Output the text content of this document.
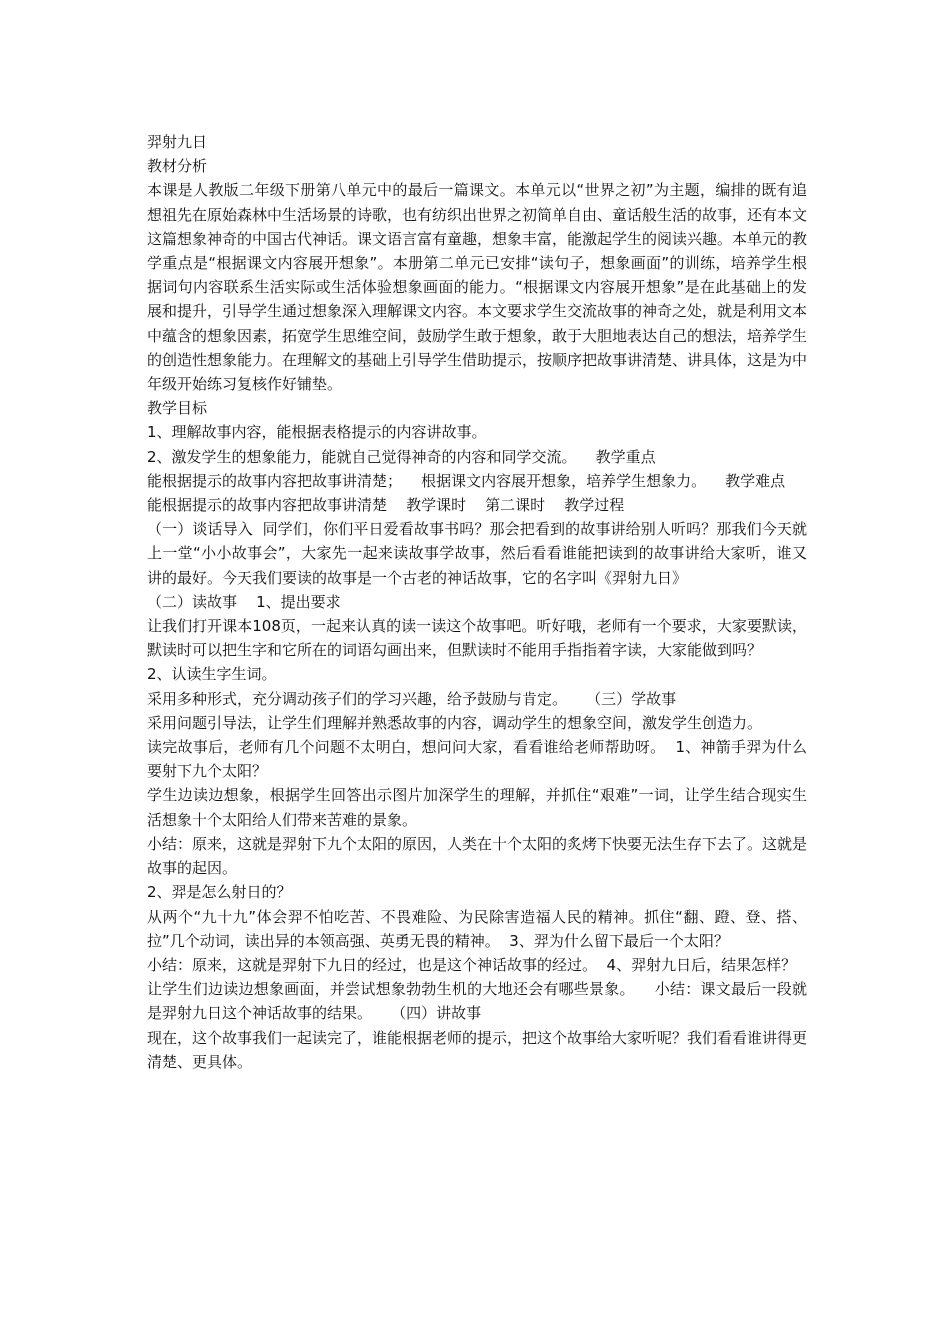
羿射九日

教材分析

本课是人教版二年级下册第八单元中的最后一篇课文。本单元以“世界之初”为主题，编排的既有追想祖先在原始森林中生活场景的诗歌，也有纺织出世界之初简单自由、童话般生活的故事，还有本文这篇想象神奇的中国古代神话。课文语言富有童趣，想象丰富，能激起学生的阅读兴趣。本单元的教学重点是“根据课文内容展开想象”。本册第二单元已安排“读句子，想象画面”的训练，培养学生根据词句内容联系生活实际或生活体验想象画面的能力。“根据课文内容展开想象”是在此基础上的发展和提升，引导学生通过想象深入理解课文内容。本文要求学生交流故事的神奇之处，就是利用文本中蕴含的想象因素，拓宽学生思维空间，鼓励学生敢于想象，敢于大胆地表达自己的想法，培养学生的创造性想象能力。在理解文的基础上引导学生借助提示，按顺序把故事讲清楚、讲具体，这是为中年级开始练习复核作好铺垫。

教学目标

1、理解故事内容，能根据表格提示的内容讲故事。

2、激发学生的想象能力，能就自己觉得神奇的内容和同学交流。    教学重点

能根据提示的故事内容把故事讲清楚；    根据课文内容展开想象，培养学生想象力。    教学难点

能根据提示的故事内容把故事讲清楚    教学课时    第二课时    教学过程

（一）谈话导入  同学们，你们平日爱看故事书吗？那会把看到的故事讲给别人听吗？那我们今天就上一堂“小小故事会”，大家先一起来读故事学故事，然后看看谁能把读到的故事讲给大家听，谁又讲的最好。今天我们要读的故事是一个古老的神话故事，它的名字叫《羿射九日》

（二）读故事    1、提出要求

让我们打开课本108页，一起来认真的读一读这个故事吧。听好哦，老师有一个要求，大家要默读，默读时可以把生字和它所在的词语勾画出来，但默读时不能用手指指着字读，大家能做到吗？

2、认读生字生词。

采用多种形式，充分调动孩子们的学习兴趣，给予鼓励与肯定。    （三）学故事

采用问题引导法，让学生们理解并熟悉故事的内容，调动学生的想象空间，激发学生创造力。

读完故事后，老师有几个问题不太明白，想问问大家，看看谁给老师帮助呀。  1、神箭手羿为什么要射下九个太阳？

学生边读边想象，根据学生回答出示图片加深学生的理解，并抓住“艰难”一词，让学生结合现实生活想象十个太阳给人们带来苦难的景象。

小结：原来，这就是羿射下九个太阳的原因，人类在十个太阳的炙烤下快要无法生存下去了。这就是故事的起因。

2、羿是怎么射日的？

从两个“九十九”体会羿不怕吃苦、不畏难险、为民除害造福人民的精神。抓住“翻、蹬、登、搭、拉”几个动词，读出异的本领高强、英勇无畏的精神。  3、羿为什么留下最后一个太阳？

小结：原来，这就是羿射下九日的经过，也是这个神话故事的经过。  4、羿射九日后，结果怎样？

让学生们边读边想象画面，并尝试想象勃勃生机的大地还会有哪些景象。    小结：课文最后一段就是羿射九日这个神话故事的结果。    （四）讲故事

现在，这个故事我们一起读完了，谁能根据老师的提示，把这个故事给大家听呢？我们看看谁讲得更清楚、更具体。
